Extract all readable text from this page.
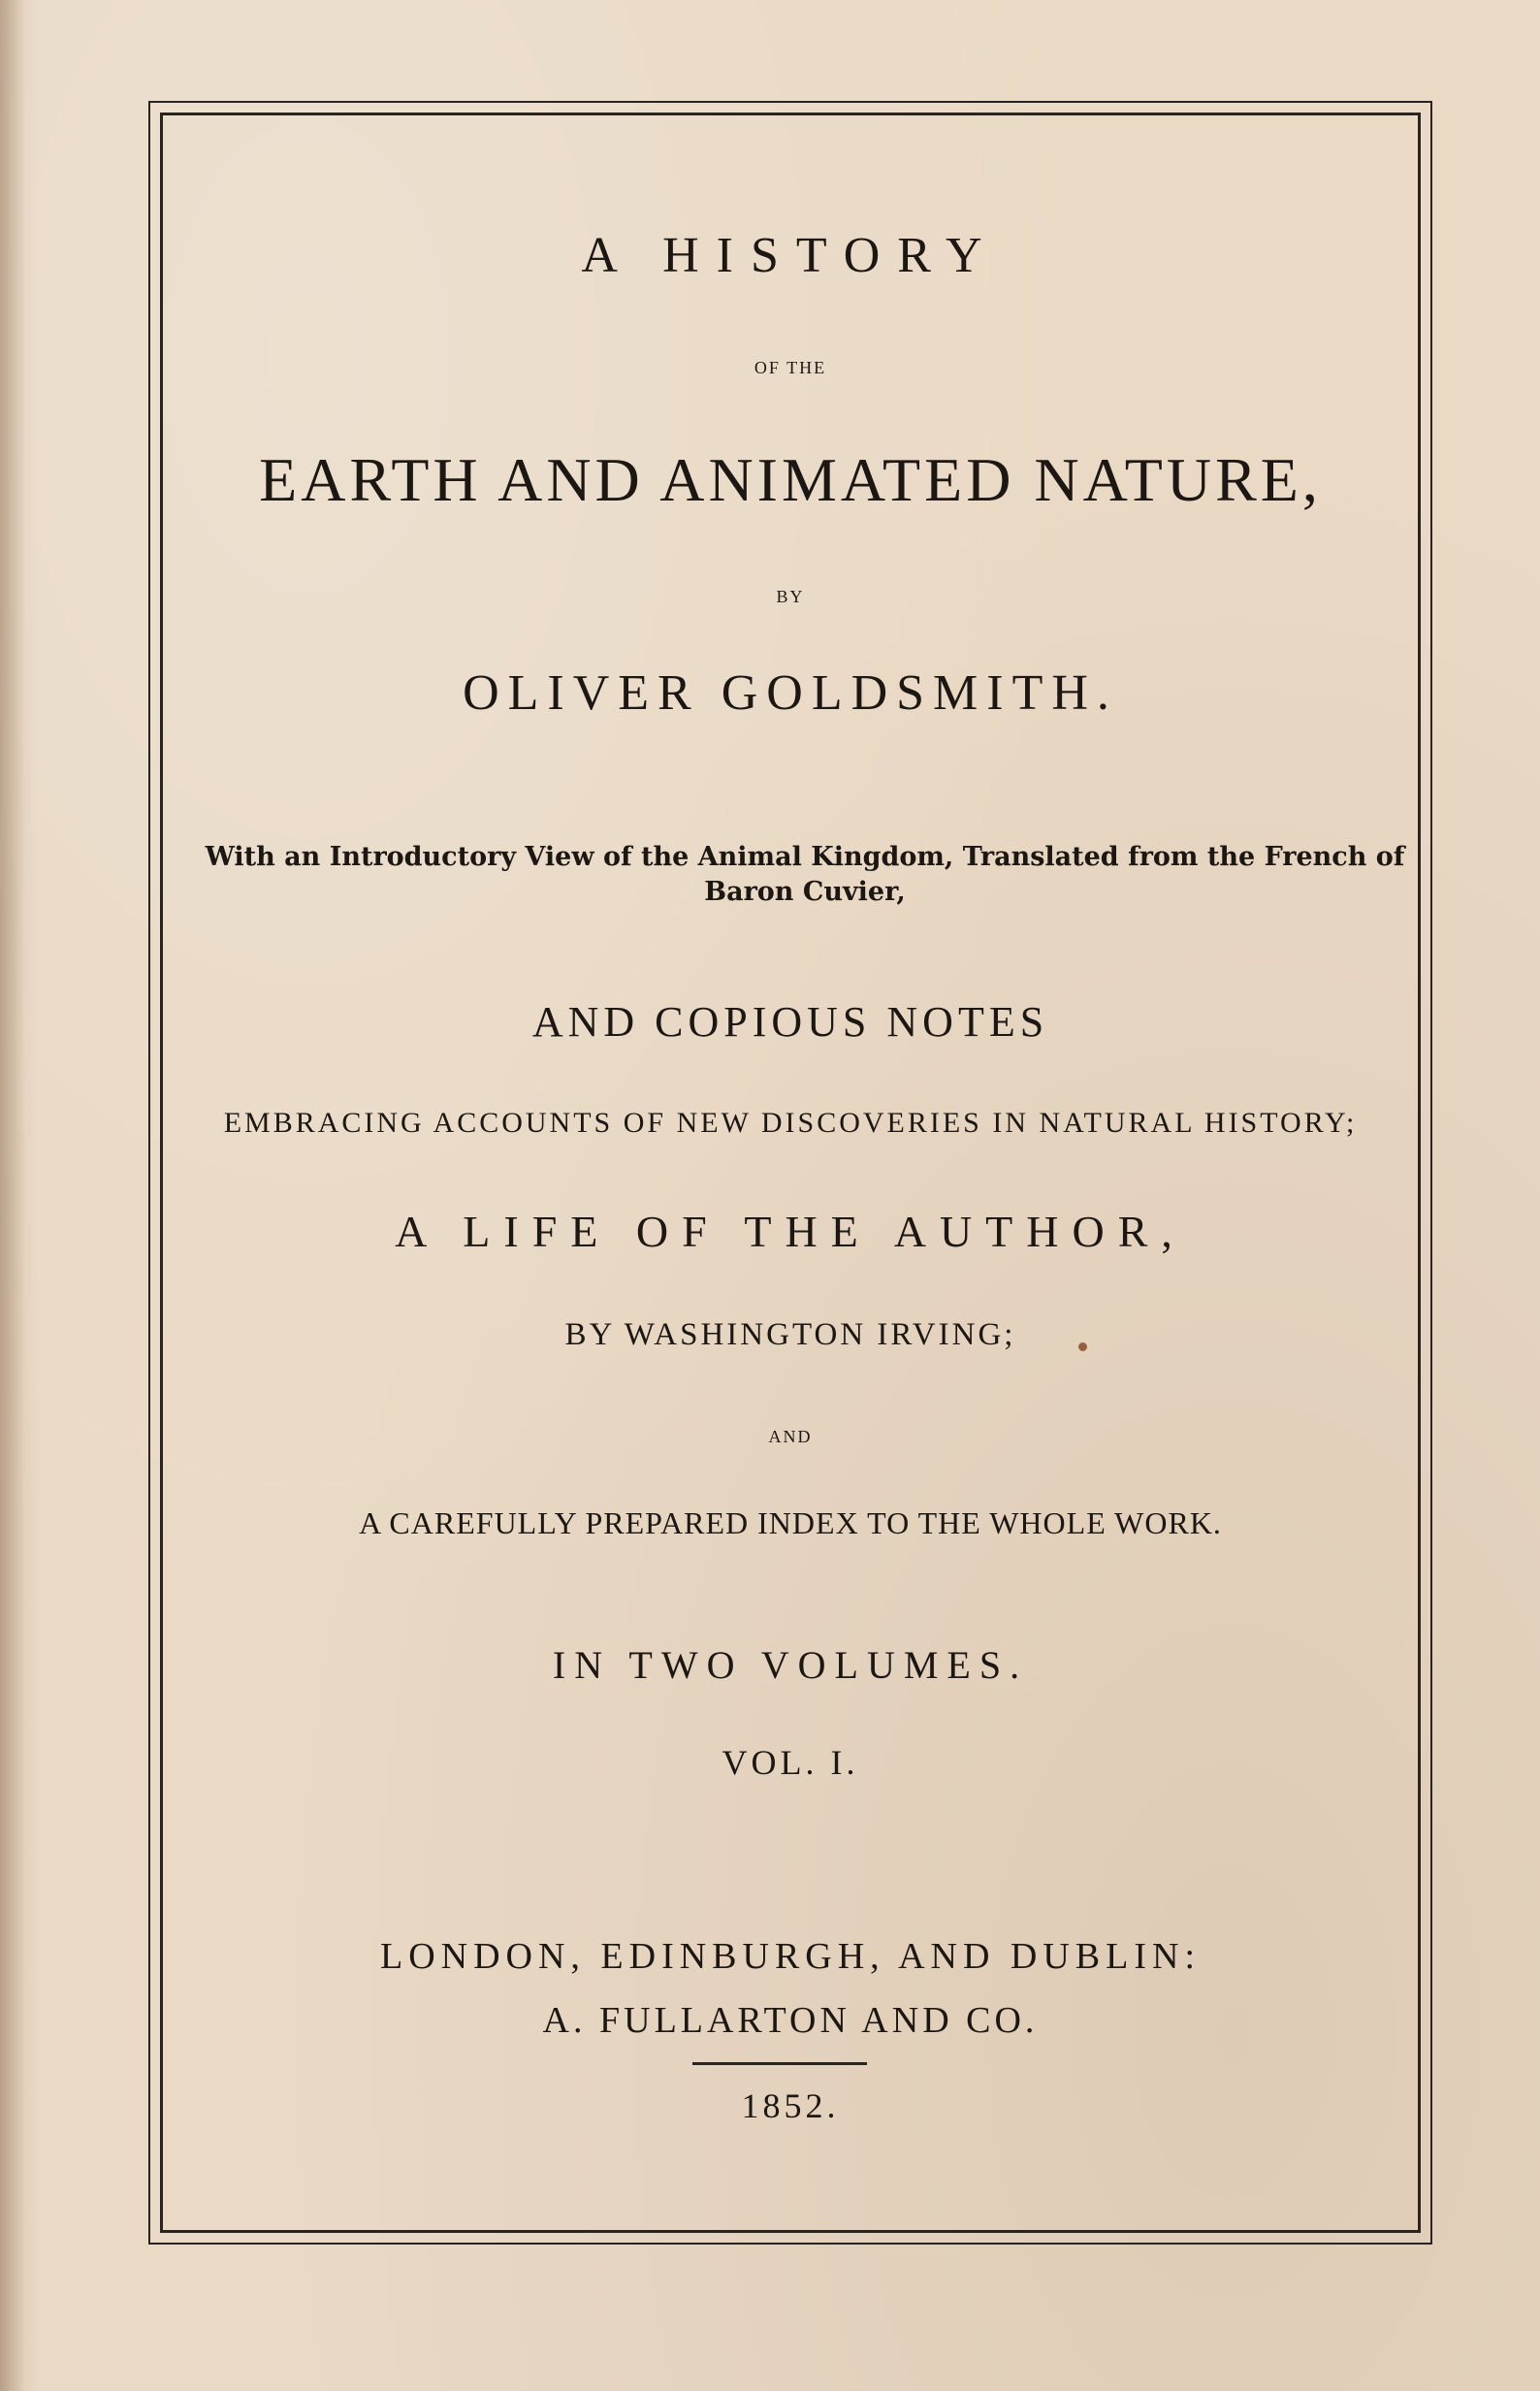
A HISTORY

OF THE

EARTH AND ANIMATED NATURE,

BY

OLIVER GOLDSMITH.

With an Introductory View of the Animal Kingdom, Translated from the French of Baron Cuvier,

AND COPIOUS NOTES

EMBRACING ACCOUNTS OF NEW DISCOVERIES IN NATURAL HISTORY;

A LIFE OF THE AUTHOR,

BY WASHINGTON IRVING;

AND

A CAREFULLY PREPARED INDEX TO THE WHOLE WORK.

IN TWO VOLUMES.

VOL. I.

LONDON, EDINBURGH, AND DUBLIN:

A. FULLARTON AND CO.

1852.
